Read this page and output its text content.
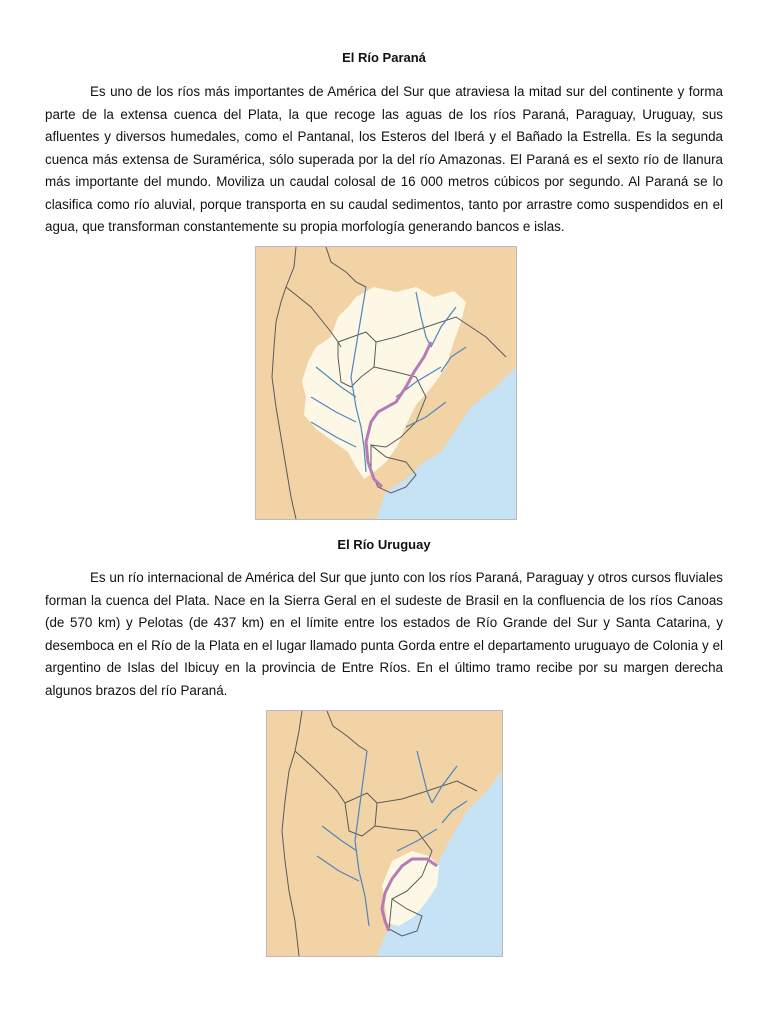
El Río Paraná

Es uno de los ríos más importantes de América del Sur que atraviesa la mitad sur del continente y forma parte de la extensa cuenca del Plata, la que recoge las aguas de los ríos Paraná, Paraguay, Uruguay, sus afluentes y diversos humedales, como el Pantanal, los Esteros del Iberá y el Bañado la Estrella. Es la segunda cuenca más extensa de Suramérica, sólo superada por la del río Amazonas. El Paraná es el sexto río de llanura más importante del mundo. Moviliza un caudal colosal de 16 000 metros cúbicos por segundo. Al Paraná se lo clasifica como río aluvial, porque transporta en su caudal sedimentos, tanto por arrastre como suspendidos en el agua, que transforman constantemente su propia morfología generando bancos e islas.

El Río Uruguay

Es un río internacional de América del Sur que junto con los ríos Paraná, Paraguay y otros cursos fluviales forman la cuenca del Plata. Nace en la Sierra Geral en el sudeste de Brasil en la confluencia de los ríos Canoas (de 570 km) y Pelotas (de 437 km) en el límite entre los estados de Río Grande del Sur y Santa Catarina, y desemboca en el Río de la Plata en el lugar llamado punta Gorda entre el departamento uruguayo de Colonia y el argentino de Islas del Ibicuy en la provincia de Entre Ríos. En el último tramo recibe por su margen derecha algunos brazos del río Paraná.
